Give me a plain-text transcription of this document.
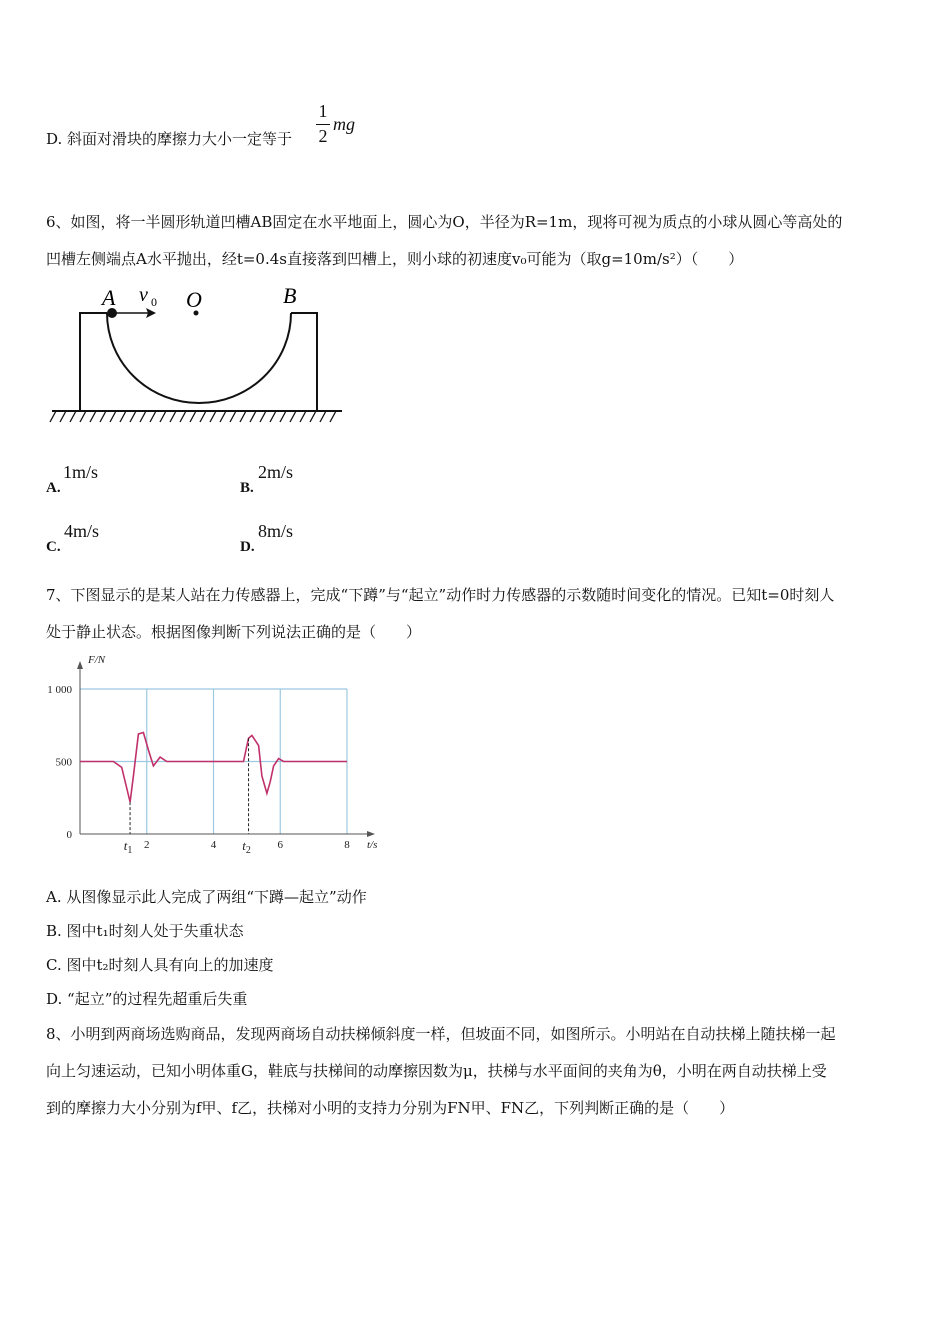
D. 斜面对滑块的摩擦力大小一定等于
1
2
mg
6、如图，将一半圆形轨道凹槽AB固定在水平地面上，圆心为O，半径为R=1m，现将可视为质点的小球从圆心等高处的
凹槽左侧端点A水平抛出，经t=0.4s直接落到凹槽上，则小球的初速度v₀可能为（取g=10m/s²）（　　）
A v 0 O	B
A.
1m/s
B.
2m/s
C.
4m/s
D.
8m/s
7、下图显示的是某人站在力传感器上，完成“下蹲”与“起立”动作时力传感器的示数随时间变化的情况。已知t=0时刻人
处于静止状态。根据图像判断下列说法正确的是（　　）
1 000
500
0
2	4	6	8
$t_1$	$t_2$
F/N
t/s
A. 从图像显示此人完成了两组“下蹲—起立”动作
B. 图中t₁时刻人处于失重状态
C. 图中t₂时刻人具有向上的加速度
D. “起立”的过程先超重后失重
8、小明到两商场选购商品，发现两商场自动扶梯倾斜度一样，但坡面不同，如图所示。小明站在自动扶梯上随扶梯一起
向上匀速运动，已知小明体重G，鞋底与扶梯间的动摩擦因数为μ，扶梯与水平面间的夹角为θ，小明在两自动扶梯上受
到的摩擦力大小分别为f甲、f乙，扶梯对小明的支持力分别为FN甲、FN乙，下列判断正确的是（　　）
